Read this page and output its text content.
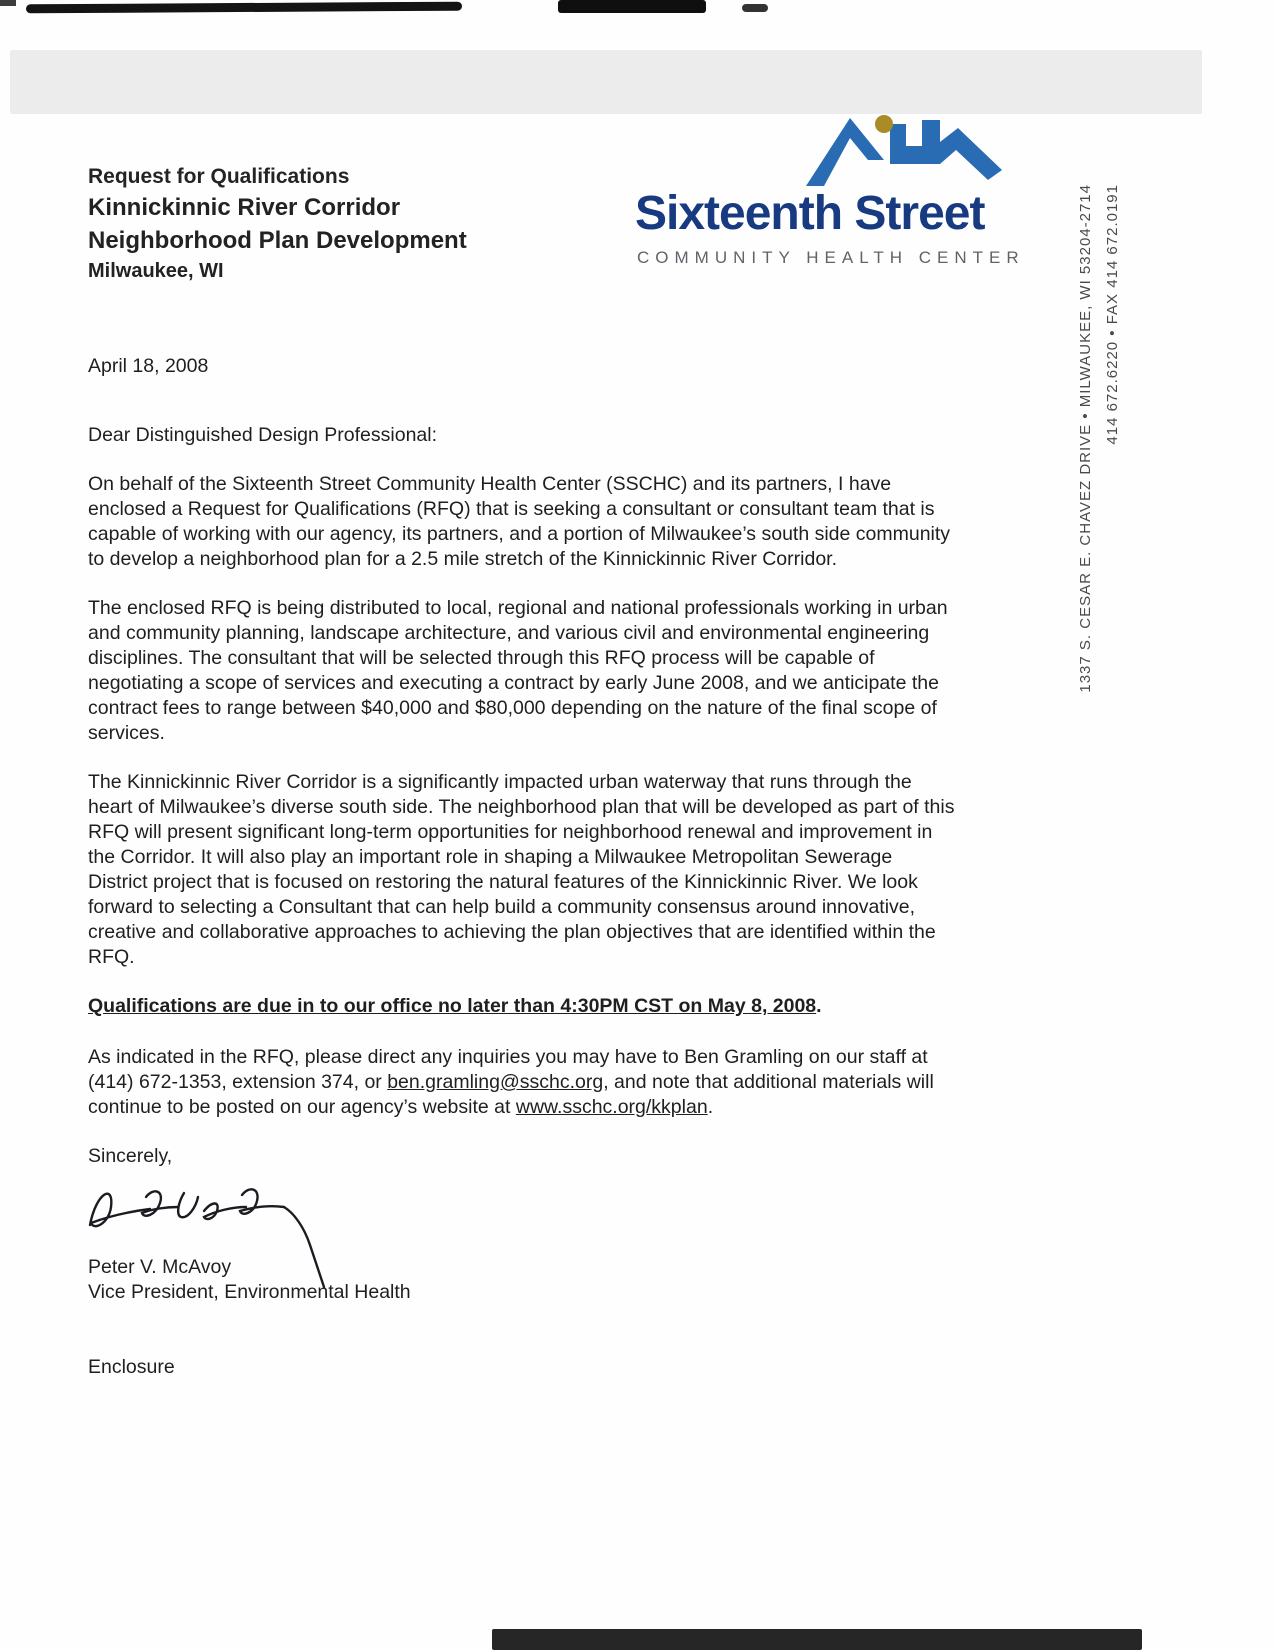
Request for Qualifications
Kinnickinnic River Corridor
Neighborhood Plan Development
Milwaukee, WI
Sixteenth Street
COMMUNITY HEALTH CENTER	1337 S. CESAR E. CHAVEZ DRIVE • MILWAUKEE, WI 53204-2714 414 672.6220 • FAX 414 672.0191

April 18, 2008

Dear Distinguished Design Professional:

On behalf of the Sixteenth Street Community Health Center (SSCHC) and its partners, I have enclosed a Request for Qualifications (RFQ) that is seeking a consultant or consultant team that is capable of working with our agency, its partners, and a portion of Milwaukee’s south side community to develop a neighborhood plan for a 2.5 mile stretch of the Kinnickinnic River Corridor.

The enclosed RFQ is being distributed to local, regional and national professionals working in urban and community planning, landscape architecture, and various civil and environmental engineering disciplines. The consultant that will be selected through this RFQ process will be capable of negotiating a scope of services and executing a contract by early June 2008, and we anticipate the contract fees to range between $40,000 and $80,000 depending on the nature of the final scope of services.

The Kinnickinnic River Corridor is a significantly impacted urban waterway that runs through the heart of Milwaukee’s diverse south side. The neighborhood plan that will be developed as part of this RFQ will present significant long-term opportunities for neighborhood renewal and improvement in the Corridor. It will also play an important role in shaping a Milwaukee Metropolitan Sewerage District project that is focused on restoring the natural features of the Kinnickinnic River. We look forward to selecting a Consultant that can help build a community consensus around innovative, creative and collaborative approaches to achieving the plan objectives that are identified within the RFQ.

Qualifications are due in to our office no later than 4:30PM CST on May 8, 2008.

As indicated in the RFQ, please direct any inquiries you may have to Ben Gramling on our staff at (414) 672-1353, extension 374, or ben.gramling@sschc.org, and note that additional materials will continue to be posted on our agency’s website at www.sschc.org/kkplan.

Sincerely,

Peter V. McAvoy

Vice President, Environmental Health

Enclosure
